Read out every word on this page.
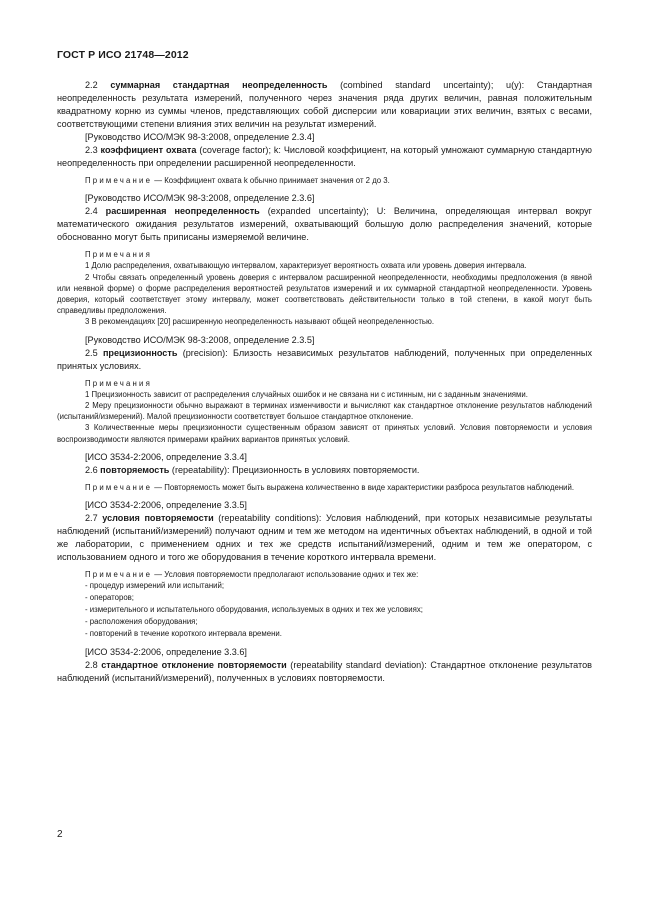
ГОСТ Р ИСО 21748—2012

2.2 суммарная стандартная неопределенность (combined standard uncertainty); u(y): Стандартная неопределенность результата измерений, полученного через значения ряда других величин, равная положительным квадратному корню из суммы членов, представляющих собой дисперсии или ковариации этих величин, взятых с весами, соответствующими степени влияния этих величин на результат измерений.

[Руководство ИСО/МЭК 98-3:2008, определение 2.3.4]

2.3 коэффициент охвата (coverage factor); k: Числовой коэффициент, на который умножают суммарную стандартную неопределенность при определении расширенной неопределенности.

Примечание — Коэффициент охвата k обычно принимает значения от 2 до 3.

[Руководство ИСО/МЭК 98-3:2008, определение 2.3.6]

2.4 расширенная неопределенность (expanded uncertainty); U: Величина, определяющая интервал вокруг математического ожидания результатов измерений, охватывающий большую долю распределения значений, которые обоснованно могут быть приписаны измеряемой величине.

Примечания

1 Долю распределения, охватывающую интервалом, характеризует вероятность охвата или уровень доверия интервала.

2 Чтобы связать определенный уровень доверия с интервалом расширенной неопределенности, необходимы предположения (в явной или неявной форме) о форме распределения вероятностей результатов измерений и их суммарной стандартной неопределенности. Уровень доверия, который соответствует этому интервалу, может соответствовать действительности только в той степени, в какой могут быть справедливы предположения.

3 В рекомендациях [20] расширенную неопределенность называют общей неопределенностью.

[Руководство ИСО/МЭК 98-3:2008, определение 2.3.5]

2.5 прецизионность (precision): Близость независимых результатов наблюдений, полученных при определенных принятых условиях.

Примечания

1 Прецизионность зависит от распределения случайных ошибок и не связана ни с истинным, ни с заданным значениями.

2 Меру прецизионности обычно выражают в терминах изменчивости и вычисляют как стандартное отклонение результатов наблюдений (испытаний/измерений). Малой прецизионности соответствует большое стандартное отклонение.

3 Количественные меры прецизионности существенным образом зависят от принятых условий. Условия повторяемости и условия воспроизводимости являются примерами крайних вариантов принятых условий.

[ИСО 3534-2:2006, определение 3.3.4]

2.6 повторяемость (repeatability): Прецизионность в условиях повторяемости.

Примечание — Повторяемость может быть выражена количественно в виде характеристики разброса результатов наблюдений.

[ИСО 3534-2:2006, определение 3.3.5]

2.7 условия повторяемости (repeatability conditions): Условия наблюдений, при которых независимые результаты наблюдений (испытаний/измерений) получают одним и тем же методом на идентичных объектах наблюдений, в одной и той же лаборатории, с применением одних и тех же средств испытаний/измерений, одним и тем же оператором, с использованием одного и того же оборудования в течение короткого интервала времени.

Примечание — Условия повторяемости предполагают использование одних и тех же:

- процедур измерений или испытаний;

- операторов;

- измерительного и испытательного оборудования, используемых в одних и тех же условиях;

- расположения оборудования;

- повторений в течение короткого интервала времени.

[ИСО 3534-2:2006, определение 3.3.6]

2.8 стандартное отклонение повторяемости (repeatability standard deviation): Стандартное отклонение результатов наблюдений (испытаний/измерений), полученных в условиях повторяемости.

2
